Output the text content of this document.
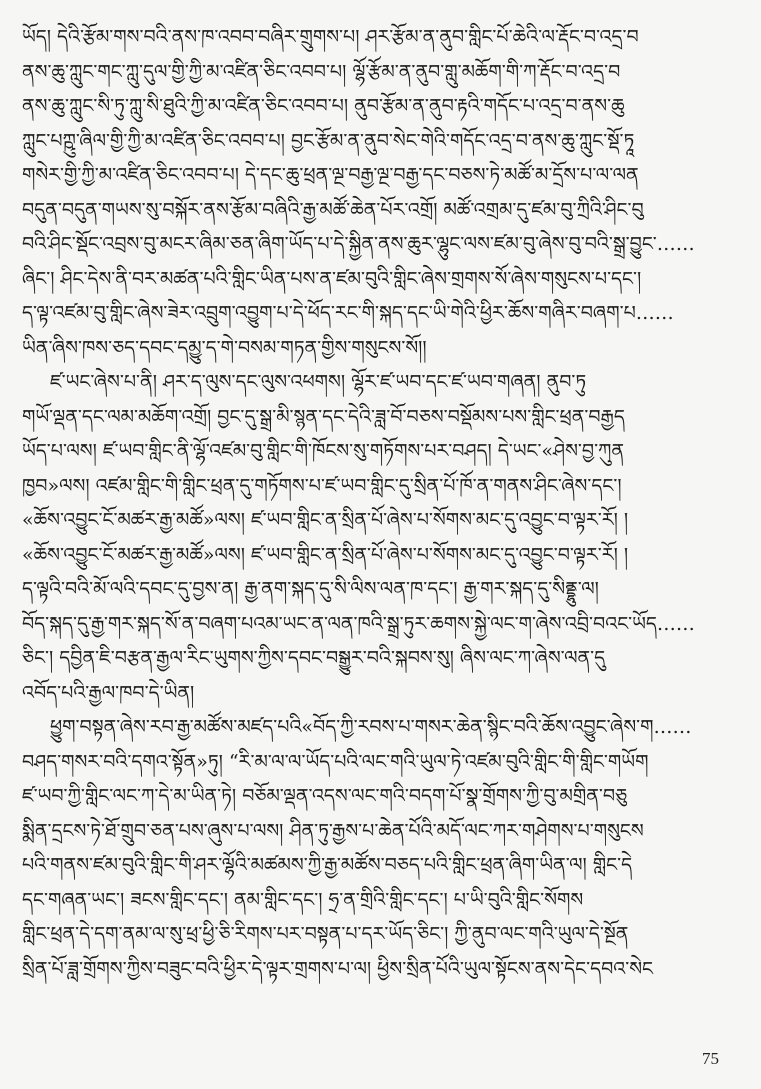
ཡོད། དེའི་རྩོམ་གས་བའི་ནས་ཁ་འབབ་བཞིར་གྲུགས་པ། ཤར་རྩོམ་ན་ནུབ་གླིང་པོ་ཆེའི་ལ་རྡོང་བ་འདྲ་བ
ནས་ཆུ་ཀླུང་གང་ཀླུ་དུལ་གྱི་ཀྱི་མ་འཛིན་ཅིང་འབབ་པ། ལྷོ་རྩོམ་ན་ནུབ་གླུ་མཆོག་གི་ཀ་རྡོང་བ་འདྲ་བ
ནས་ཆུ་ཀླུང་སི་ཏུ་ཀླུ་སི་ཐུའི་ཀྱི་མ་འཛིན་ཅིང་འབབ་པ། ནུབ་རྩོམ་ན་ནུབ་རྟའི་གདོང་པ་འདྲ་བ་ནས་ཆུ
ཀླུང་པཀྵུ་ཞིལ་གྱི་ཀྱི་མ་འཛིན་ཅིང་འབབ་པ། བྱང་རྩོམ་ན་ནུབ་སེང་གེའི་གདོང་འདྲ་བ་ནས་ཆུ་ཀླུང་སྡོ་ཏཱ
གསེར་གྱི་ཀྱི་མ་འཛིན་ཅིང་འབབ་པ། དེ་དང་ཆུ་ཕྲན་ལྔ་བརྒྱ་ལྔ་བརྒྱ་དང་བཅས་ཏེ་མཚོ་མ་དྲོས་པ་ལ་ལན
བདུན་བདུན་གཡས་སུ་བསྐོར་ནས་རྩོམ་བཞིའི་རྒྱ་མཚོ་ཆེན་པོར་འགྲོ། མཚོ་འགྲམ་དུ་ཛམ་བུ་ཀྲིའི་ཤིང་བུ
བའི་ཤིང་སྡོང་འབྲས་བུ་མངར་ཞིམ་ཅན་ཞིག་ཡོད་པ་དེ་སྐྱིན་ནས་ཆུར་ལྷུང་ལས་ཛམ་བུ་ཞེས་བུ་བའི་སྒྲ་བྱུང་……
ཞིང་། ཤིང་དེས་ནི་བར་མཚན་པའི་གླིང་ཡིན་པས་ན་ཛམ་བུའི་གླིང་ཞེས་གྲགས་སོ་ཞེས་གསུངས་པ་དང་།
ད་ལྟ་འཛམ་བུ་གླིང་ཞེས་ཟེར་འབྲུག་འབྱུག་པ་དེ་ཕོད་རང་གི་སྐད་དང་ཡི་གེའི་ཕྱིར་ཆོས་གཞིར་བཞག་པ……
ཡིན་ཞིས་ཁས་ཅད་དབང་དམྱུ་ད་གེ་བསམ་གཏན་གྱིས་གསུངས་སོ།།
ཛ་ཡང་ཞེས་པ་ནི། ཤར་ད་ལུས་དང་ལུས་འཕགས། ལྷོར་ཛ་ཡབ་དང་ཛ་ཡབ་གཞན། ནུབ་ཏུ
གཡོ་ལྡན་དང་ལམ་མཆོག་འགྲོ། བྱང་དུ་སྒྲ་མི་སྙན་དང་དེའི་ཟླ་བོ་བཅས་བསྡོམས་པས་གླིང་ཕྲན་བརྒྱད
ཡོད་པ་ལས། ཛ་ཡབ་གླིང་ནི་ལྷོ་འཛམ་བུ་གླིང་གི་ཁོངས་སུ་གཏོགས་པར་བཤད། དེ་ཡང་«ཤེས་བྱ་ཀུན
ཁྱབ»ལས། འཛམ་གླིང་གི་གླིང་ཕྲན་དུ་གཏོགས་པ་ཛ་ཡབ་གླིང་དུ་སྲིན་པོ་ཁོ་ན་གནས་ཤིང་ཞེས་དང་།
«ཆོས་འབྱུང་ངོ་མཚར་རྒྱ་མཚོ»ལས། ཛ་ཡབ་གླིང་ན་སྲིན་པོ་ཞེས་པ་སོགས་མང་དུ་འབྱུང་བ་ལྟར་རོ། །
«ཆོས་འབྱུང་ངོ་མཚར་རྒྱ་མཚོ»ལས། ཛ་ཡབ་གླིང་ན་སྲིན་པོ་ཞེས་པ་སོགས་མང་དུ་འབྱུང་བ་ལྟར་རོ། །
ད་ལྟའི་བའི་མོ་ལའི་དབང་དུ་བྱས་ན། རྒྱ་ནག་སྐད་དུ་སི་ལིས་ལན་ཁ་དང་། རྒྱ་གར་སྐད་དུ་སིནྡྷུ་ལ།
བོད་སྐད་དུ་རྒྱ་གར་སྐད་སོ་ན་བཞག་པའམ་ཡང་ན་ལན་ཁའི་སྒྲ་ཏུར་ཆགས་སྐྱེ་ལང་ག་ཞེས་འབྲི་བའང་ཡོད……
ཅིང་། དབྱིན་ཇི་བརྩན་རྒྱལ་རིང་ཡུགས་ཀྱིས་དབང་བསྒྱུར་བའི་སྐབས་སུ། ཞིས་ལང་ཀ་ཞེས་ལན་དུ
འབོད་པའི་རྒྱལ་ཁབ་དེ་ཡིན།
ཕྱུག་བསྟན་ཞེས་རབ་རྒྱ་མཚོས་མཛད་པའི«བོད་ཀྱི་རབས་པ་གསར་ཆེན་སྙིང་བའི་ཆོས་འབྱུང་ཞེས་ག……
བཤད་གསར་བའི་དགའ་སྟོན»ཏུ། “རི་མ་ལ་ལ་ཡོད་པའི་ལང་གའི་ཡུལ་ཏེ་འཛམ་བུའི་གླིང་གི་གླིང་གཡོག
ཛ་ཡབ་ཀྱི་གླིང་ལང་ཀ་དེ་མ་ཡིན་ཏེ། བཅོམ་ལྡན་འདས་ལང་གའི་བདག་པོ་སྣ་གྲོགས་ཀྱི་བུ་མགྲིན་བཅུ
སྨིན་དྲངས་ཏེ་ཐོ་གྲུབ་ཅན་པས་ཞུས་པ་ལས། ཤིན་ཏུ་རྒྱས་པ་ཆེན་པོའི་མདོ་ལང་ཀར་གཤེགས་པ་གསུངས
པའི་གནས་ཛམ་བུའི་གླིང་གི་ཤར་ལྷོའི་མཚམས་ཀྱི་རྒྱ་མཚོས་བཅད་པའི་གླིང་ཕྲན་ཞིག་ཡིན་ལ། གླིང་དེ
དང་གཞན་ཡང་། ཟངས་གླིང་དང་། ནམ་གླིང་དང་། ཧྲ་ན་གྲིའི་གླིང་དང་། པ་ཡི་བུའི་གླིང་སོགས
གླིང་ཕྲན་དེ་དག་ནམ་ལ་སུ་ཕྲ་ཕྱི་ཅི་རིགས་པར་བསྟན་པ་དར་ཡོད་ཅིང་། ཀྱི་ནུབ་ལང་གའི་ཡུལ་དེ་སྔོན
སྲིན་པོ་ཟླ་གྲོགས་ཀྱིས་བཟུང་བའི་ཕྱིར་དེ་ལྟར་གྲགས་པ་ལ། ཕྱིས་སྲིན་པོའི་ཡུལ་སྟོངས་ནས་དེང་དབའ་སེང
75
